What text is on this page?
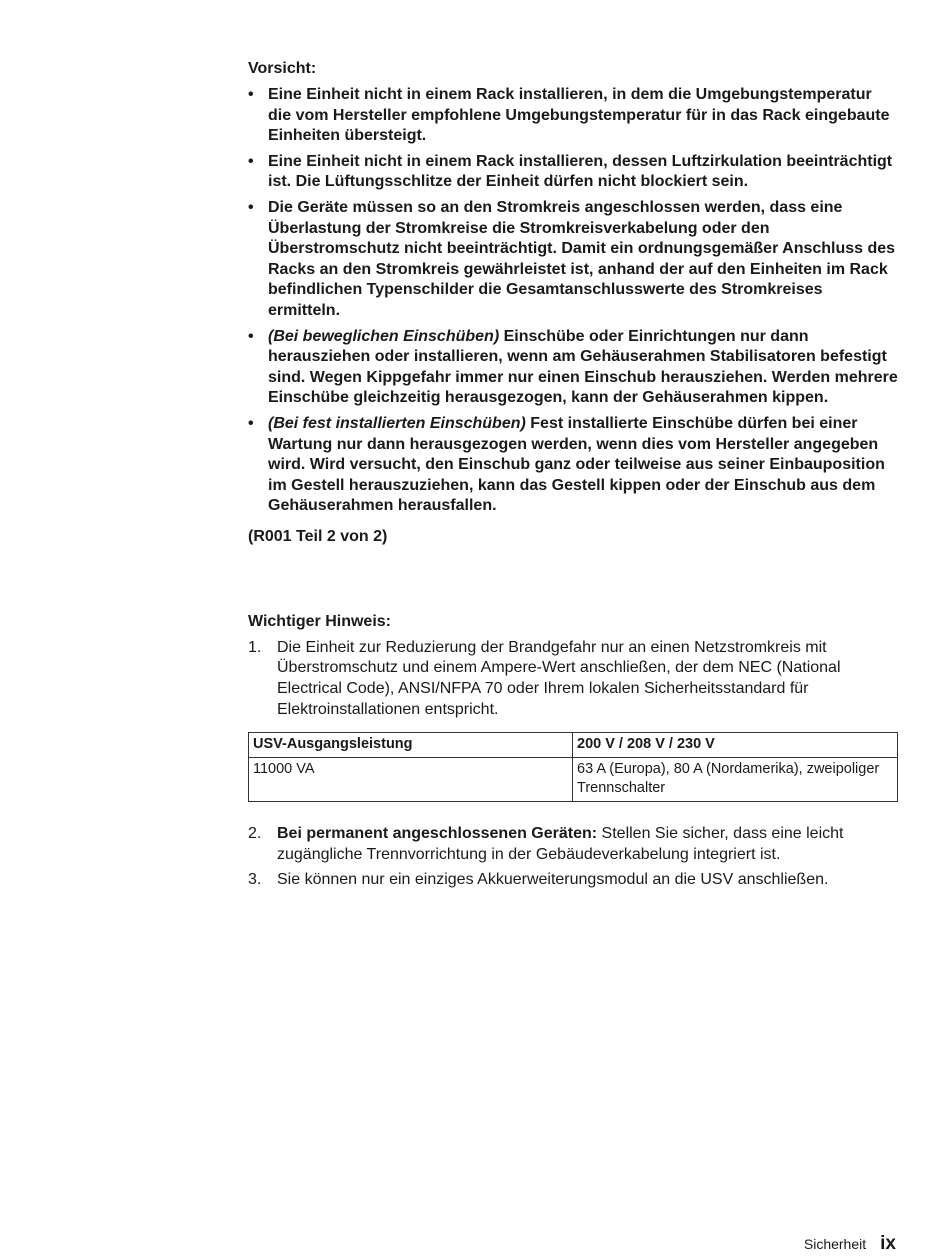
Vorsicht:
• Eine Einheit nicht in einem Rack installieren, in dem die Umgebungstemperatur die vom Hersteller empfohlene Umgebungstemperatur für in das Rack eingebaute Einheiten übersteigt.
• Eine Einheit nicht in einem Rack installieren, dessen Luftzirkulation beeinträchtigt ist. Die Lüftungsschlitze der Einheit dürfen nicht blockiert sein.
• Die Geräte müssen so an den Stromkreis angeschlossen werden, dass eine Überlastung der Stromkreise die Stromkreisverkabelung oder den Überstromschutz nicht beeinträchtigt. Damit ein ordnungsgemäßer Anschluss des Racks an den Stromkreis gewährleistet ist, anhand der auf den Einheiten im Rack befindlichen Typenschilder die Gesamtanschlusswerte des Stromkreises ermitteln.
• (Bei beweglichen Einschüben) Einschübe oder Einrichtungen nur dann herausziehen oder installieren, wenn am Gehäuserahmen Stabilisatoren befestigt sind. Wegen Kippgefahr immer nur einen Einschub herausziehen. Werden mehrere Einschübe gleichzeitig herausgezogen, kann der Gehäuserahmen kippen.
• (Bei fest installierten Einschüben) Fest installierte Einschübe dürfen bei einer Wartung nur dann herausgezogen werden, wenn dies vom Hersteller angegeben wird. Wird versucht, den Einschub ganz oder teilweise aus seiner Einbauposition im Gestell herauszuziehen, kann das Gestell kippen oder der Einschub aus dem Gehäuserahmen herausfallen.
(R001 Teil 2 von 2)
Wichtiger Hinweis:
1. Die Einheit zur Reduzierung der Brandgefahr nur an einen Netzstromkreis mit Überstromschutz und einem Ampere-Wert anschließen, der dem NEC (National Electrical Code), ANSI/NFPA 70 oder Ihrem lokalen Sicherheitsstandard für Elektroinstallationen entspricht.
USV-Ausgangsleistung	200 V / 208 V / 230 V
11000 VA	63 A (Europa), 80 A (Nordamerika), zweipoliger Trennschalter
2. Bei permanent angeschlossenen Geräten: Stellen Sie sicher, dass eine leicht zugängliche Trennvorrichtung in der Gebäudeverkabelung integriert ist.
3. Sie können nur ein einziges Akkuerweiterungsmodul an die USV anschließen.
Sicherheit ix
